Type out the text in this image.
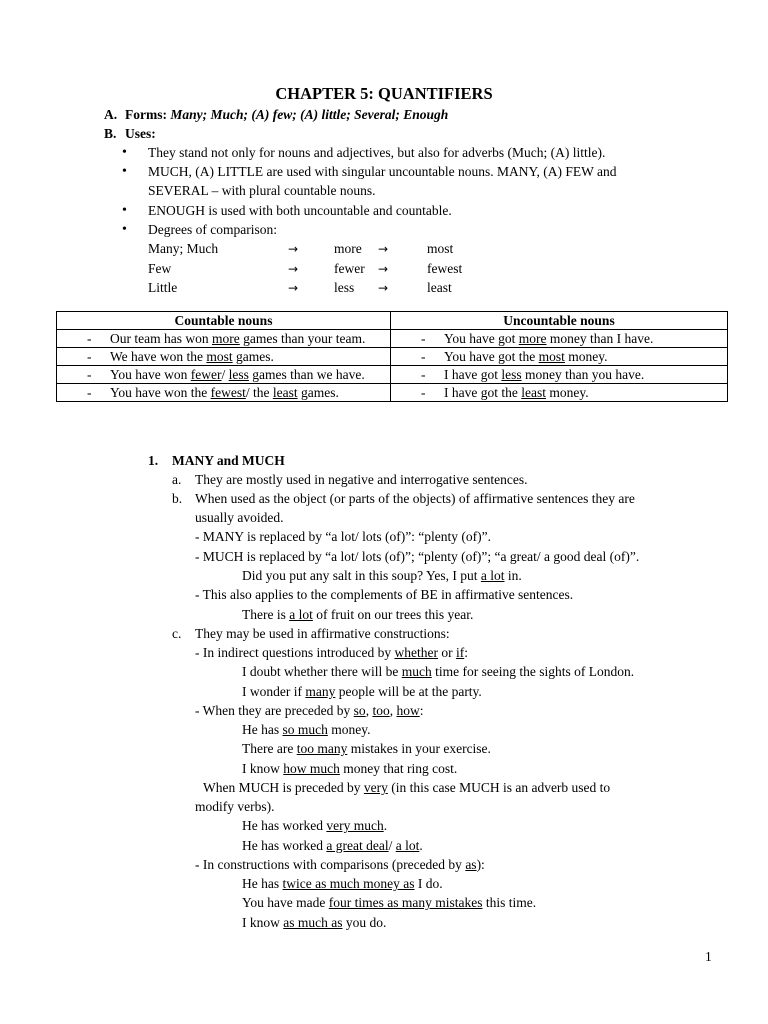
CHAPTER 5: QUANTIFIERS
A. Forms: Many; Much; (A) few; (A) little; Several; Enough
B. Uses:
• They stand not only for nouns and adjectives, but also for adverbs (Much; (A) little).
• MUCH, (A) LITTLE are used with singular uncountable nouns. MANY, (A) FEW and
SEVERAL – with plural countable nouns.
• ENOUGH is used with both uncountable and countable.
• Degrees of comparison:
Many; Much	→	more →	most
Few	→	fewer →	fewest
Little	→	less →	least
Countable nouns	Uncountable nouns

- Our team has won more games than your team.	- You have got more money than I have.

- We have won the most games.	- You have got the most money.

- You have won fewer/ less games than we have.	- I have got less money than you have.

- You have won the fewest/ the least games.	- I have got the least money.
1. MANY and MUCH
a. They are mostly used in negative and interrogative sentences.
b. When used as the object (or parts of the objects) of affirmative sentences they are
usually avoided.
- MANY is replaced by “a lot/ lots (of)”: “plenty (of)”.
- MUCH is replaced by “a lot/ lots (of)”; “plenty (of)”; “a great/ a good deal (of)”.
Did you put any salt in this soup? Yes, I put a lot in.
- This also applies to the complements of BE in affirmative sentences.
There is a lot of fruit on our trees this year.
c. They may be used in affirmative constructions:
- In indirect questions introduced by whether or if:
I doubt whether there will be much time for seeing the sights of London.
I wonder if many people will be at the party.
- When they are preceded by so, too, how:
He has so much money.
There are too many mistakes in your exercise.
I know how much money that ring cost.
When MUCH is preceded by very (in this case MUCH is an adverb used to
modify verbs).
He has worked very much.
He has worked a great deal/ a lot.
- In constructions with comparisons (preceded by as):
He has twice as much money as I do.
You have made four times as many mistakes this time.
I know as much as you do.
1
